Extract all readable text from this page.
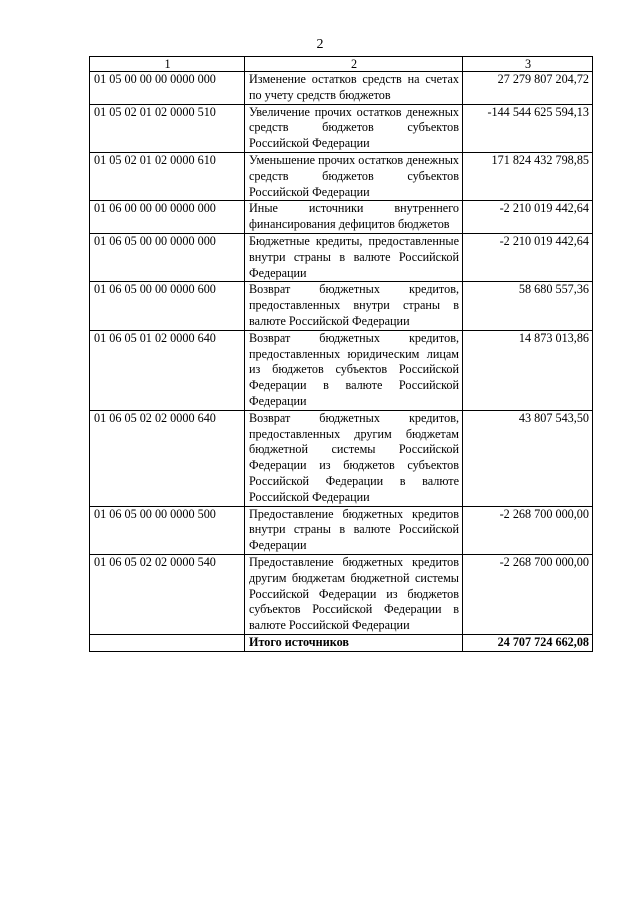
2
1	2	3
01 05 00 00 00 0000 000	Изменение остатков средств на счетах по учету средств бюджетов	27 279 807 204,72
01 05 02 01 02 0000 510	Увеличение прочих остатков денежных средств бюджетов субъектов Российской Федерации	-144 544 625 594,13
01 05 02 01 02 0000 610	Уменьшение прочих остатков денежных средств бюджетов субъектов Российской Федерации	171 824 432 798,85
01 06 00 00 00 0000 000	Иные источники внутреннего финансирования дефицитов бюджетов	-2 210 019 442,64
01 06 05 00 00 0000 000	Бюджетные кредиты, предоставленные внутри страны в валюте Российской Федерации	-2 210 019 442,64
01 06 05 00 00 0000 600	Возврат бюджетных кредитов, предоставленных внутри страны в валюте Российской Федерации	58 680 557,36
01 06 05 01 02 0000 640	Возврат бюджетных кредитов, предоставленных юридическим лицам из бюджетов субъектов Российской Федерации в валюте Российской Федерации	14 873 013,86
01 06 05 02 02 0000 640	Возврат бюджетных кредитов, предоставленных другим бюджетам бюджетной системы Российской Федерации из бюджетов субъектов Российской Федерации в валюте Российской Федерации	43 807 543,50
01 06 05 00 00 0000 500	Предоставление бюджетных кредитов внутри страны в валюте Российской Федерации	-2 268 700 000,00
01 06 05 02 02 0000 540	Предоставление бюджетных кредитов другим бюджетам бюджетной системы Российской Федерации из бюджетов субъектов Российской Федерации в валюте Российской Федерации	-2 268 700 000,00
	Итого источников	24 707 724 662,08
